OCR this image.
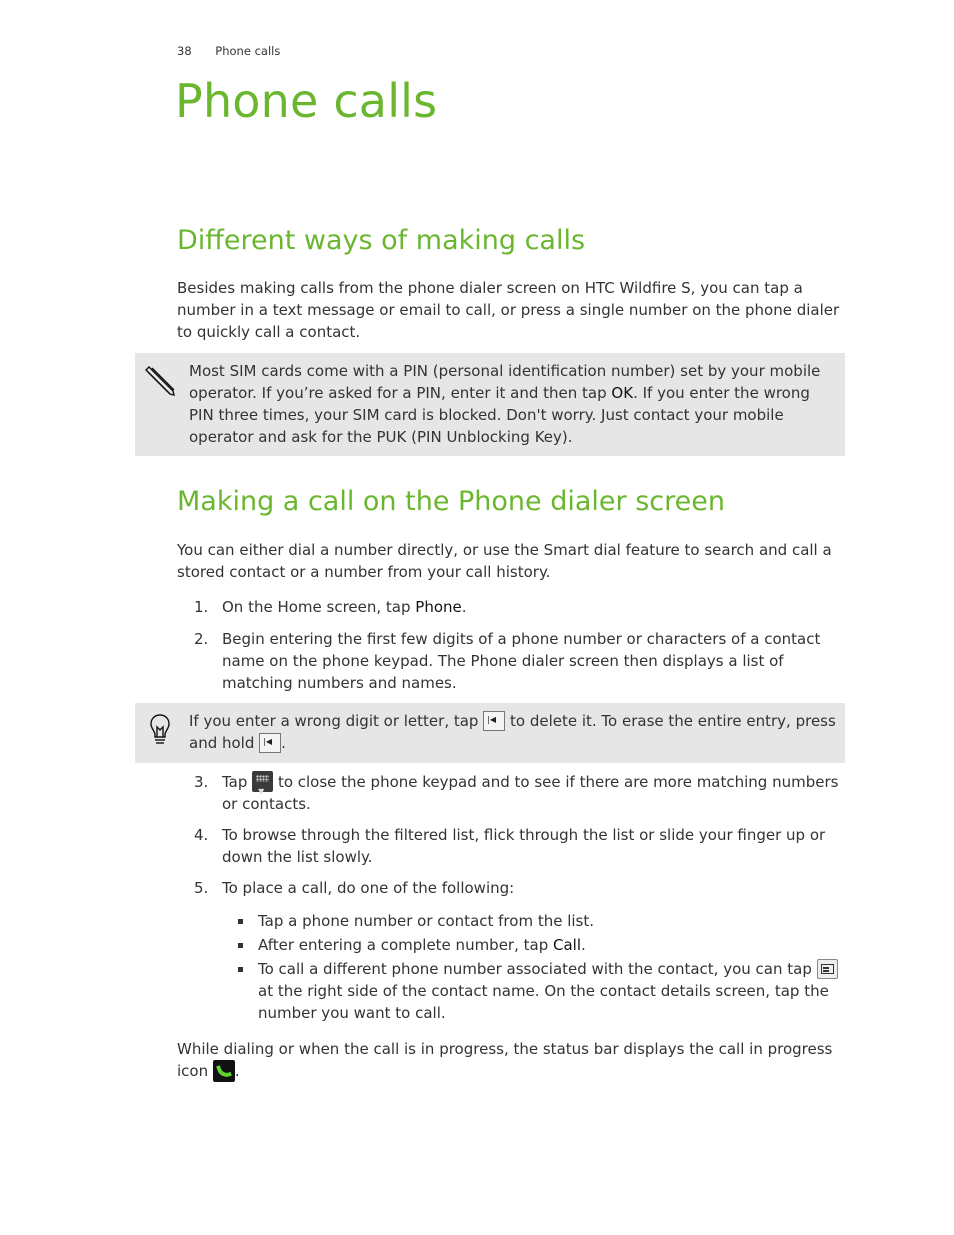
38 Phone calls
Phone calls
Different ways of making calls

Besides making calls from the phone dialer screen on HTC Wildfire S, you can tap a number in a text message or email to call, or press a single number on the phone dialer to quickly call a contact.

Most SIM cards come with a PIN (personal identification number) set by your mobile operator. If you’re asked for a PIN, enter it and then tap OK. If you enter the wrong PIN three times, your SIM card is blocked. Don't worry. Just contact your mobile operator and ask for the PUK (PIN Unblocking Key).
Making a call on the Phone dialer screen

You can either dial a number directly, or use the Smart dial feature to search and call a stored contact or a number from your call history.

1. On the Home screen, tap Phone.
2. Begin entering the first few digits of a phone number or characters of a contact name on the phone keypad. The Phone dialer screen then displays a list of matching numbers and names.
If you enter a wrong digit or letter, tap |◀ to delete it. To erase the entire entry, press and hold |◀.
3. Tap ▼ to close the phone keypad and to see if there are more matching numbers or contacts.
4. To browse through the filtered list, flick through the list or slide your finger up or down the list slowly.
5. To place a call, do one of the following:
Tap a phone number or contact from the list.
After entering a complete number, tap Call.
To call a different phone number associated with the contact, you can tap  at the right side of the contact name. On the contact details screen, tap the number you want to call.

While dialing or when the call is in progress, the status bar displays the call in progress icon .
